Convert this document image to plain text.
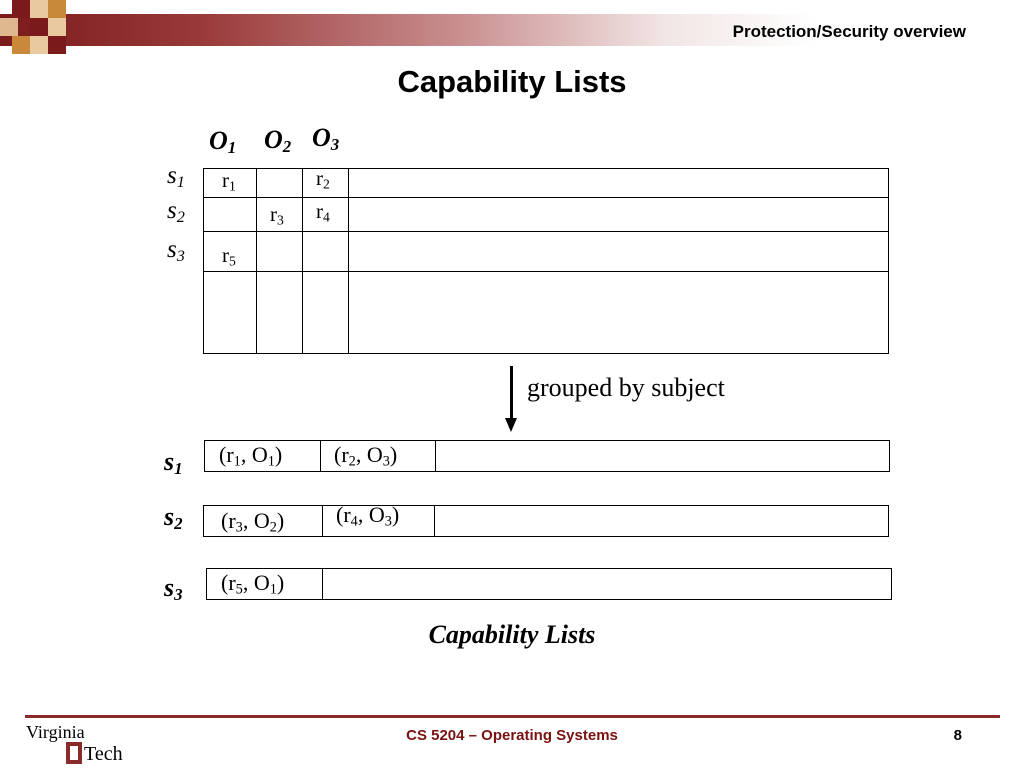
Protection/Security overview
Capability Lists
$O_1$ $O_2$ $O_3$
$s_1$
$s_2$
$s_3$
$r_1$	$r_2$
$r_3$ $r_4$
$r_5$
grouped by subject
$s_1$
($r_1$, $O_1$) ($r_2$, $O_3$)
$s_2$ ($r_3$, $O_2$) ($r_4$, $O_3$)
$s_3$ ($r_5$, $O_1$)
Capability Lists
Virginia
Tech
CS 5204 – Operating Systems	8
